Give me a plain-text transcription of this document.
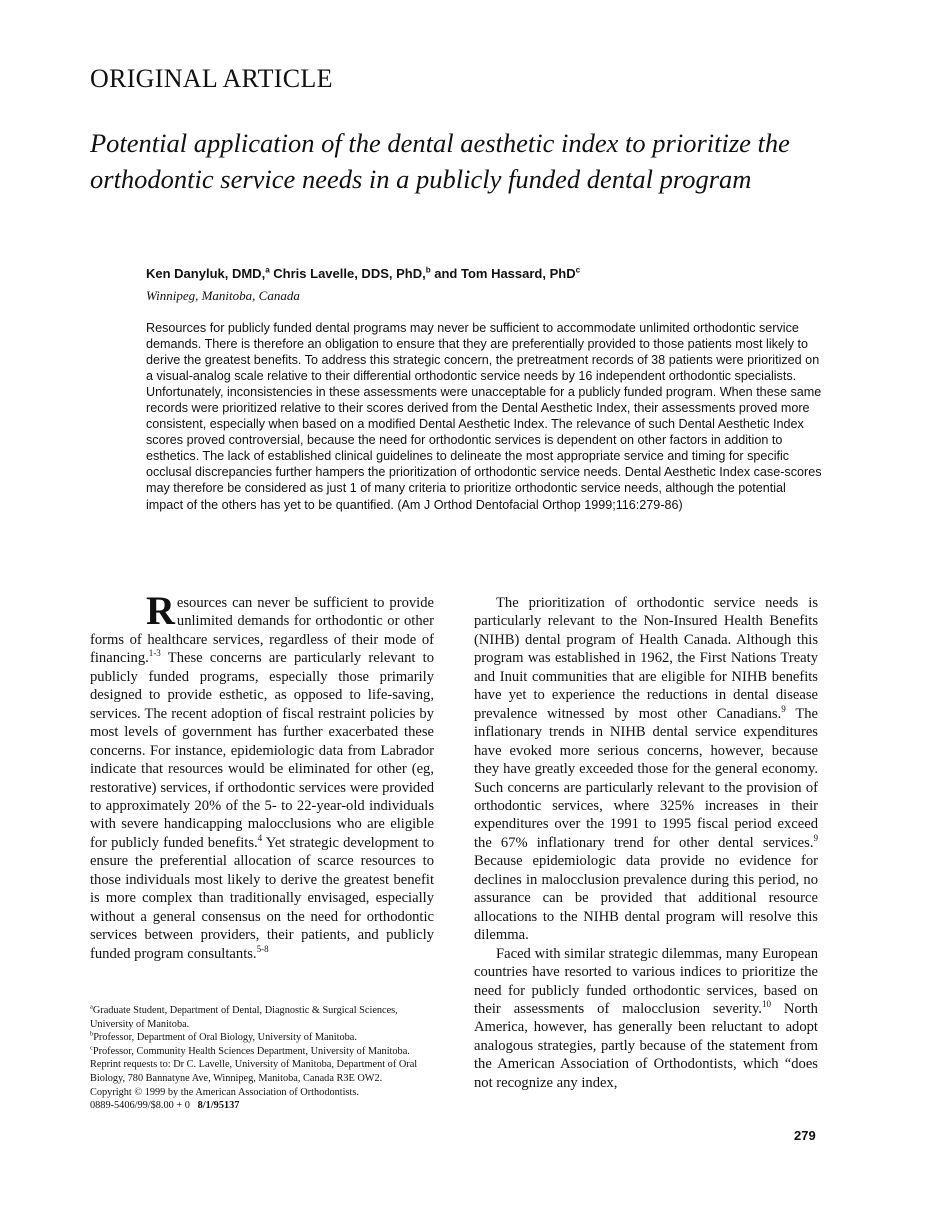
ORIGINAL ARTICLE
Potential application of the dental aesthetic index to prioritize the orthodontic service needs in a publicly funded dental program
Ken Danyluk, DMD,$^a$ Chris Lavelle, DDS, PhD,$^b$ and Tom Hassard, PhD$^c$
Winnipeg, Manitoba, Canada

Resources for publicly funded dental programs may never be sufficient to accommodate unlimited orthodontic service demands. There is therefore an obligation to ensure that they are preferentially provided to those patients most likely to derive the greatest benefits. To address this strategic concern, the pretreatment records of 38 patients were prioritized on a visual-analog scale relative to their differential orthodontic service needs by 16 independent orthodontic specialists. Unfortunately, inconsistencies in these assessments were unacceptable for a publicly funded program. When these same records were prioritized relative to their scores derived from the Dental Aesthetic Index, their assessments proved more consistent, especially when based on a modified Dental Aesthetic Index. The relevance of such Dental Aesthetic Index scores proved controversial, because the need for orthodontic services is dependent on other factors in addition to esthetics. The lack of established clinical guidelines to delineate the most appropriate service and timing for specific occlusal discrepancies further hampers the prioritization of orthodontic service needs. Dental Aesthetic Index case-scores may therefore be considered as just 1 of many criteria to prioritize orthodontic service needs, although the potential impact of the others has yet to be quantified. (Am J Orthod Dentofacial Orthop 1999;116:279-86)

Resources can never be sufficient to provide unlimited demands for orthodontic or other forms of healthcare services, regardless of their mode of financing.$^{1-3}$ These concerns are particularly relevant to publicly funded programs, especially those primarily designed to provide esthetic, as opposed to life-saving, services. The recent adoption of fiscal restraint policies by most levels of government has further exacerbated these concerns. For instance, epidemiologic data from Labrador indicate that resources would be eliminated for other (eg, restorative) services, if orthodontic services were provided to approximately 20% of the 5- to 22-year-old individuals with severe handicapping malocclusions who are eligible for publicly funded benefits.$^4$ Yet strategic development to ensure the preferential allocation of scarce resources to those individuals most likely to derive the greatest benefit is more complex than traditionally envisaged, especially without a general consensus on the need for orthodontic services between providers, their patients, and publicly funded program consultants.$^{5-8}$

The prioritization of orthodontic service needs is particularly relevant to the Non-Insured Health Benefits (NIHB) dental program of Health Canada. Although this program was established in 1962, the First Nations Treaty and Inuit communities that are eligible for NIHB benefits have yet to experience the reductions in dental disease prevalence witnessed by most other Canadians.$^9$ The inflationary trends in NIHB dental service expenditures have evoked more serious concerns, however, because they have greatly exceeded those for the general economy. Such concerns are particularly relevant to the provision of orthodontic services, where 325% increases in their expenditures over the 1991 to 1995 fiscal period exceed the 67% inflationary trend for other dental services.$^9$ Because epidemiologic data provide no evidence for declines in malocclusion prevalence during this period, no assurance can be provided that additional resource allocations to the NIHB dental program will resolve this dilemma.

Faced with similar strategic dilemmas, many European countries have resorted to various indices to prioritize the need for publicly funded orthodontic services, based on their assessments of malocclusion severity.$^{10}$ North America, however, has generally been reluctant to adopt analogous strategies, partly because of the statement from the American Association of Orthodontists, which “does not recognize any index,

$^a$Graduate Student, Department of Dental, Diagnostic & Surgical Sciences, University of Manitoba.
$^b$Professor, Department of Oral Biology, University of Manitoba.
$^c$Professor, Community Health Sciences Department, University of Manitoba.
Reprint requests to: Dr C. Lavelle, University of Manitoba, Department of Oral Biology, 780 Bannatyne Ave, Winnipeg, Manitoba, Canada R3E OW2.
Copyright © 1999 by the American Association of Orthodontists.
0889-5406/99/$8.00 + 0 8/1/95137
279
